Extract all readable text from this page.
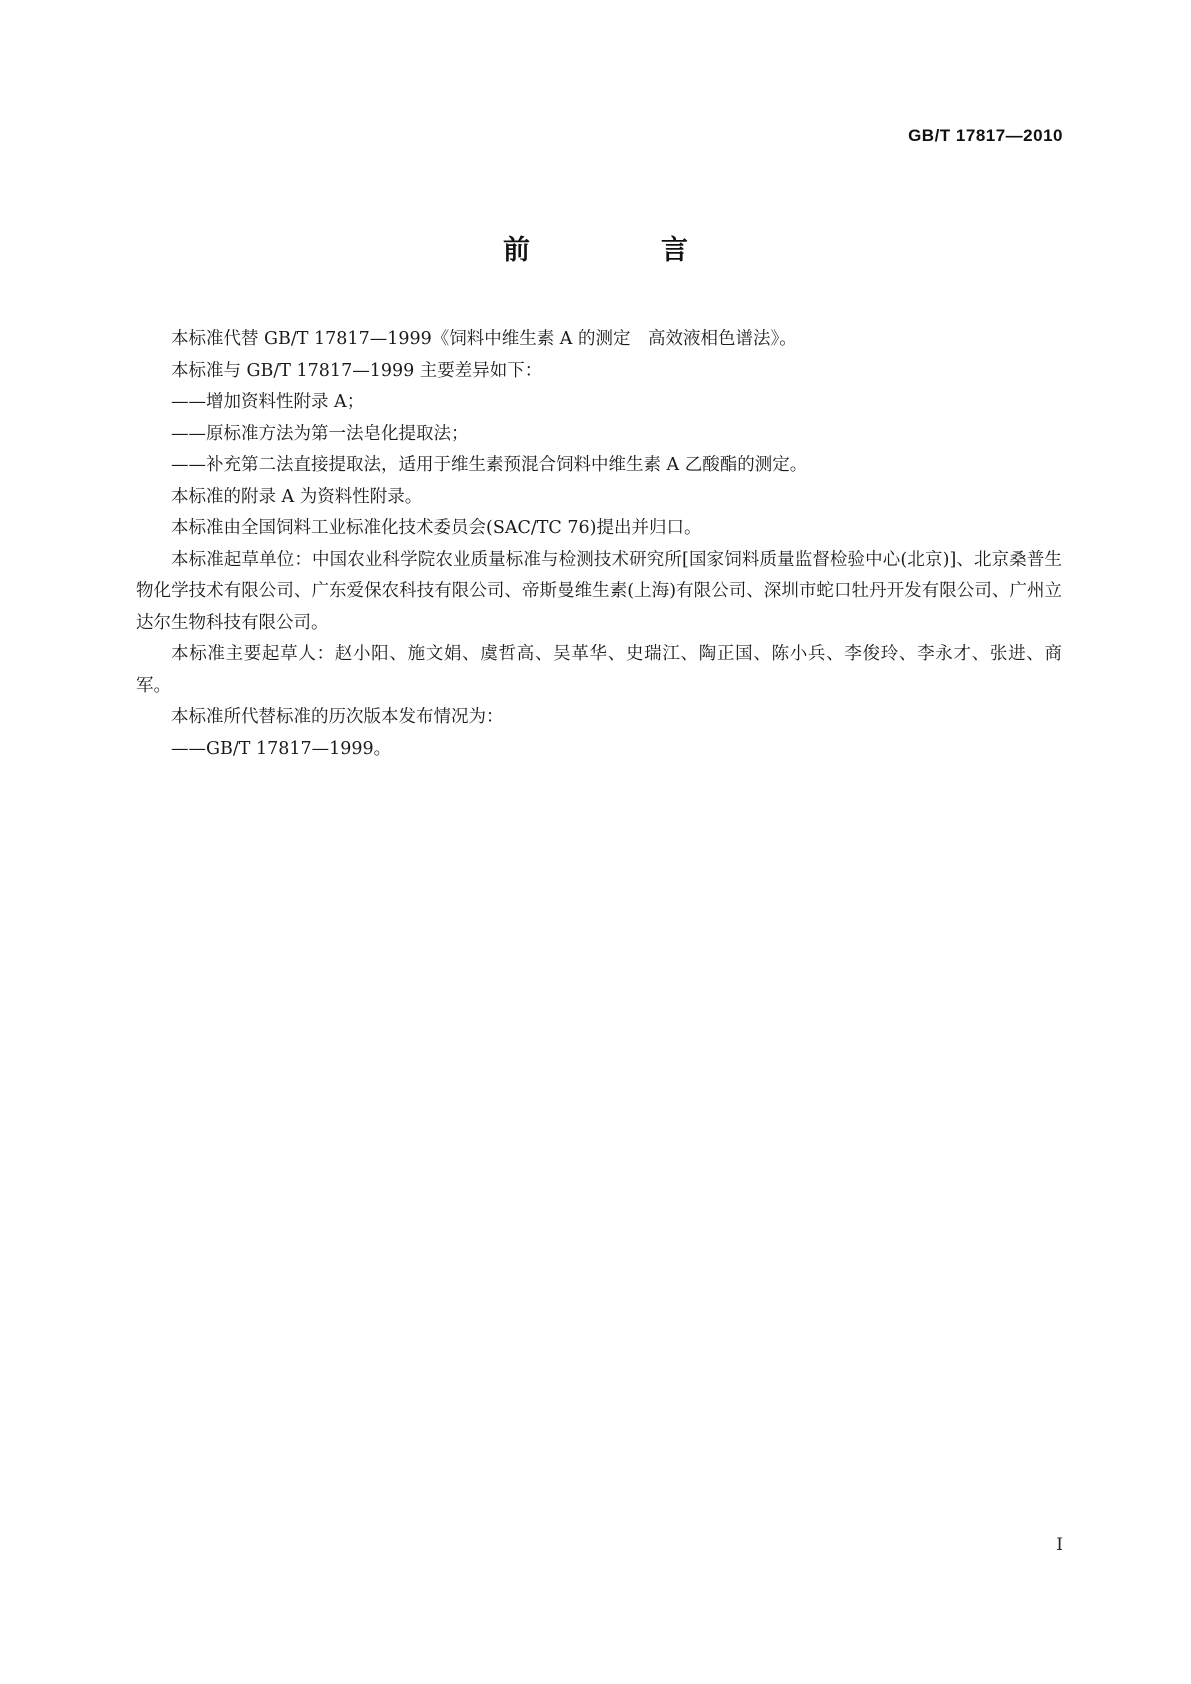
GB/T 17817—2010
前　言

本标准代替 GB/T 17817—1999《饲料中维生素 A 的测定　高效液相色谱法》。

本标准与 GB/T 17817—1999 主要差异如下：

——增加资料性附录 A；

——原标准方法为第一法皂化提取法；

——补充第二法直接提取法，适用于维生素预混合饲料中维生素 A 乙酸酯的测定。

本标准的附录 A 为资料性附录。

本标准由全国饲料工业标准化技术委员会(SAC/TC 76)提出并归口。

本标准起草单位：中国农业科学院农业质量标准与检测技术研究所[国家饲料质量监督检验中心(北京)]、北京桑普生物化学技术有限公司、广东爱保农科技有限公司、帝斯曼维生素(上海)有限公司、深圳市蛇口牡丹开发有限公司、广州立达尔生物科技有限公司。

本标准主要起草人：赵小阳、施文娟、虞哲高、吴革华、史瑞江、陶正国、陈小兵、李俊玲、李永才、张进、商军。

本标准所代替标准的历次版本发布情况为：

——GB/T 17817—1999。

I
